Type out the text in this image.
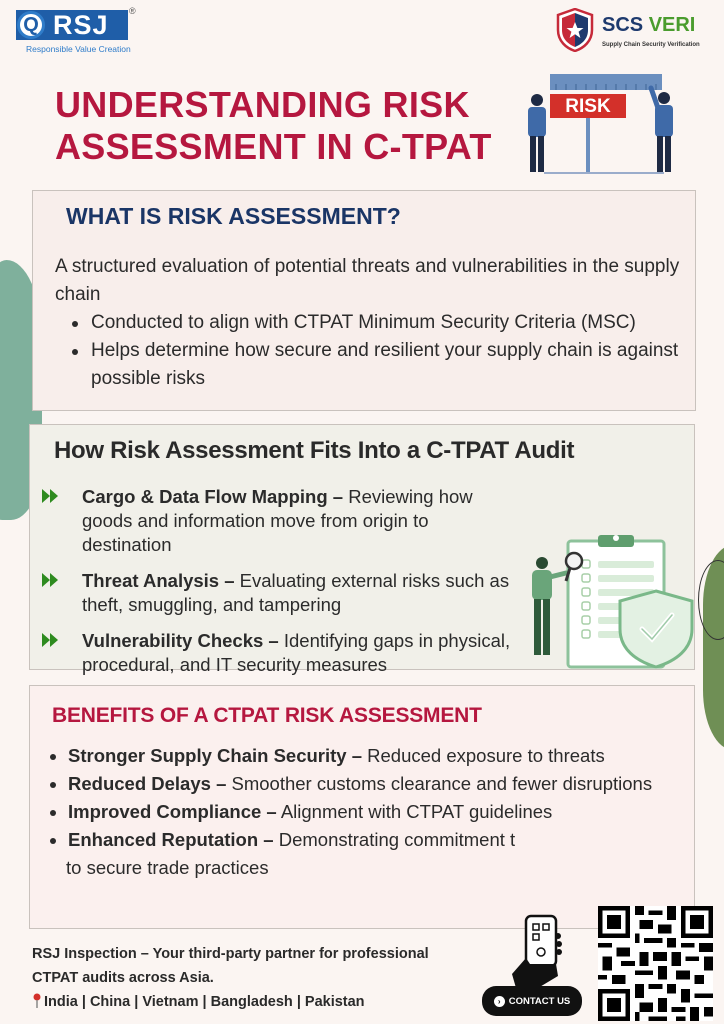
Q RSJ ®
Responsible Value Creation
SCS VERI
Supply Chain Security Verification
UNDERSTANDING RISK
ASSESSMENT IN C-TPAT
RISK
WHAT IS RISK ASSESSMENT?

A structured evaluation of potential threats and vulnerabilities in the supply chain

Conducted to align with CTPAT Minimum Security Criteria (MSC)
Helps determine how secure and resilient your supply chain is against possible risks
How Risk Assessment Fits Into a C-TPAT Audit
Cargo & Data Flow Mapping – Reviewing how goods and information move from origin to destination
Threat Analysis – Evaluating external risks such as theft, smuggling, and tampering
Vulnerability Checks – Identifying gaps in physical, procedural, and IT security measures
BENEFITS OF A CTPAT RISK ASSESSMENT
Stronger Supply Chain Security – Reduced exposure to threats
Reduced Delays – Smoother customs clearance and fewer disruptions
Improved Compliance – Alignment with CTPAT guidelines
Enhanced Reputation – Demonstrating commitment t
to secure trade practices
RSJ Inspection – Your third-party partner for professional
CTPAT audits across Asia.
India | China | Vietnam | Bangladesh | Pakistan	› CONTACT US
